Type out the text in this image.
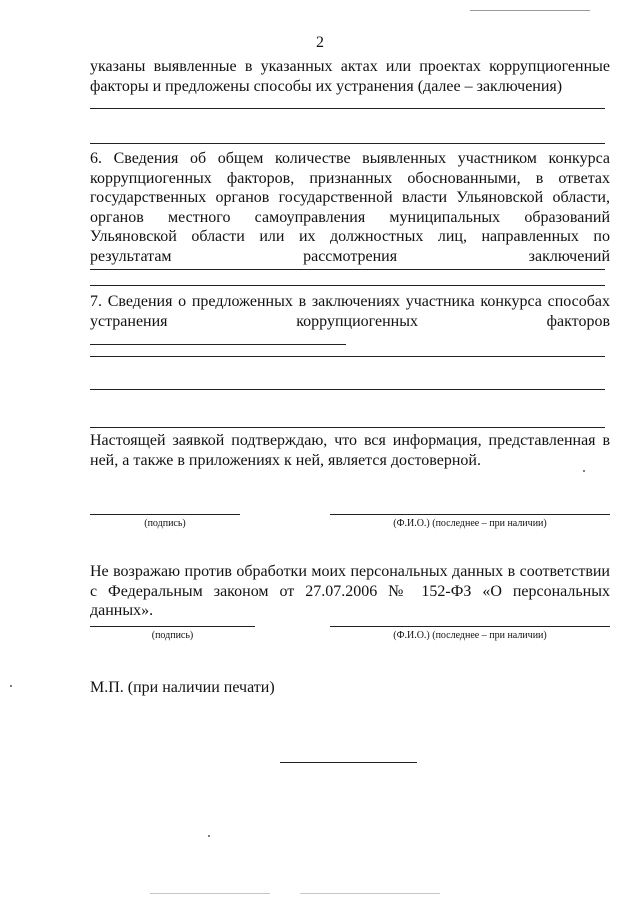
2
указаны выявленные в указанных актах или проектах коррупциогенные факторы и предложены способы их устранения (далее – заключения)
6. Сведения об общем количестве выявленных участником конкурса коррупциогенных факторов, признанных обоснованными, в ответах государственных органов государственной власти Ульяновской области, органов местного самоуправления муниципальных образований Ульяновской области или их должностных лиц, направленных по результатам рассмотрения заключений
7. Сведения о предложенных в заключениях участника конкурса способах устранения коррупциогенных факторов
Настоящей заявкой подтверждаю, что вся информация, представленная в ней, а также в приложениях к ней, является достоверной.
(подпись)	(Ф.И.О.) (последнее – при наличии)
Не возражаю против обработки моих персональных данных в соответствии с Федеральным законом от 27.07.2006 № 152-ФЗ «О персональных данных».
(подпись)	(Ф.И.О.) (последнее – при наличии)
М.П. (при наличии печати)
